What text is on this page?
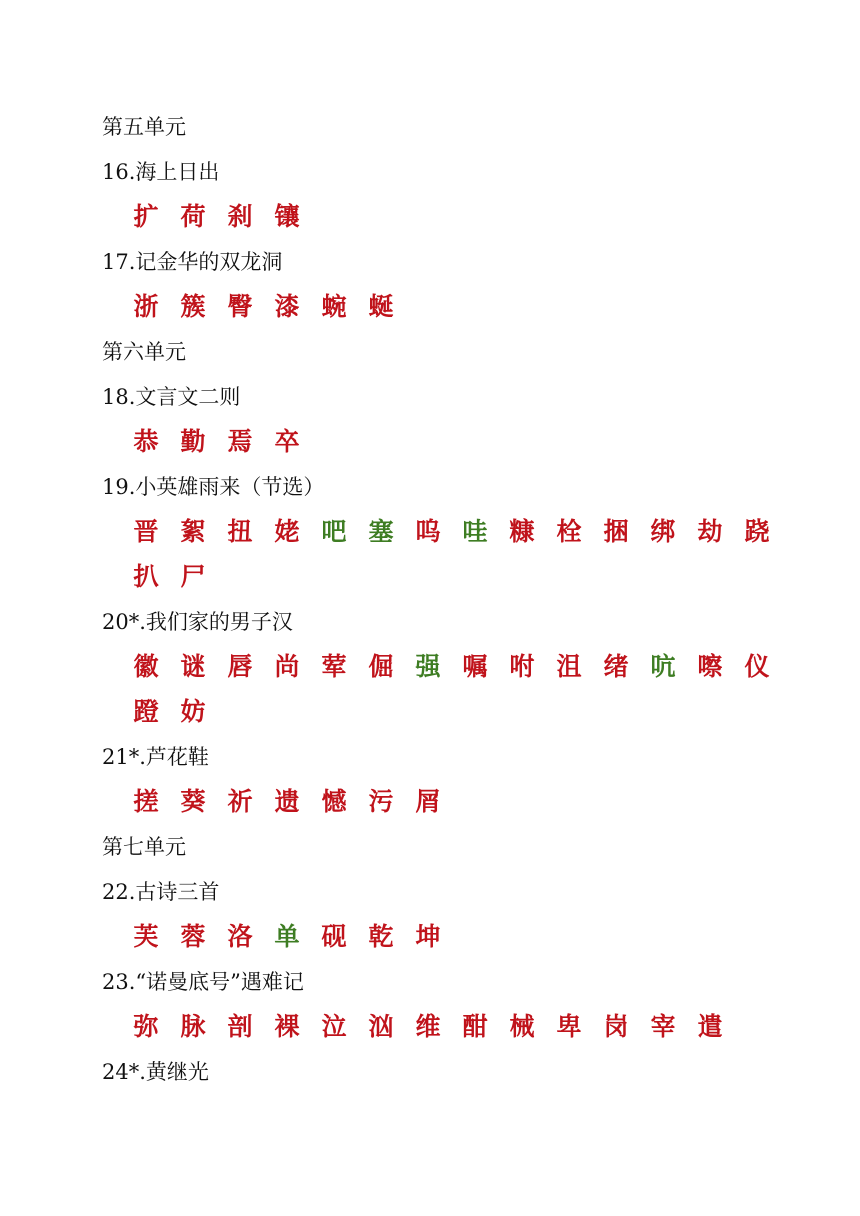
第五单元
16.海上日出
扩 荷 刹 镶
17.记金华的双龙洞
浙 簇 臀 漆 蜿 蜒
第六单元
18.文言文二则
恭 勤 焉 卒
19.小英雄雨来（节选）
晋 絮 扭 姥 吧 塞 呜 哇 糠 栓 捆 绑 劫 跷
扒 尸
20*.我们家的男子汉
徽 谜 唇 尚 荤 倔 强 嘱 咐 沮 绪 吭 嚓 仪
蹬 妨
21*.芦花鞋
搓 葵 祈 遗 憾 污 屑
第七单元
22.古诗三首
芙 蓉 洛 单 砚 乾 坤
23.“诺曼底号”遇难记
弥 脉 剖 裸 泣 汹 维 酣 械 卑 岗 宰 遣
24*.黄继光
